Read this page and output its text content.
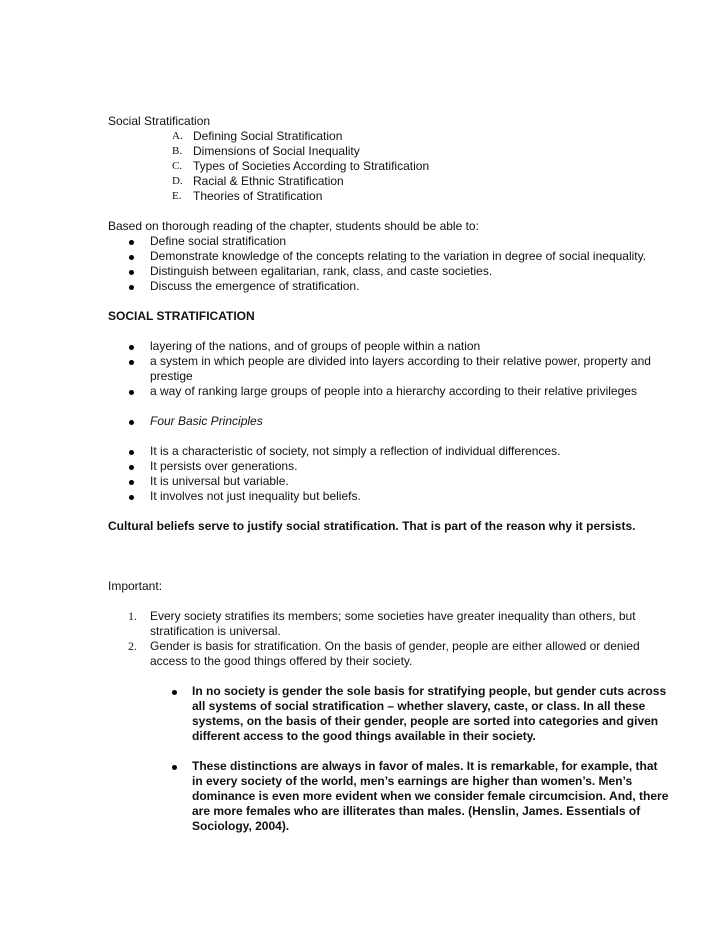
Social Stratification
A. Defining Social Stratification
B. Dimensions of Social Inequality
C. Types of Societies According to Stratification
D. Racial & Ethnic Stratification
E. Theories of Stratification
Based on thorough reading of the chapter, students should be able to:
Define social stratification
Demonstrate knowledge of the concepts relating to the variation in degree of social inequality.
Distinguish between egalitarian, rank, class, and caste societies.
Discuss the emergence of stratification.
SOCIAL STRATIFICATION
layering of the nations, and of groups of people within a nation
a system in which people are divided into layers according to their relative power, property and
prestige
a way of ranking large groups of people into a hierarchy according to their relative privileges
Four Basic Principles
It is a characteristic of society, not simply a reflection of individual differences.
It persists over generations.
It is universal but variable.
It involves not just inequality but beliefs.
Cultural beliefs serve to justify social stratification. That is part of the reason why it persists.
Important:
1. Every society stratifies its members; some societies have greater inequality than others, but
stratification is universal.
2. Gender is basis for stratification. On the basis of gender, people are either allowed or denied
access to the good things offered by their society.
In no society is gender the sole basis for stratifying people, but gender cuts across
all systems of social stratification – whether slavery, caste, or class. In all these
systems, on the basis of their gender, people are sorted into categories and given
different access to the good things available in their society.
These distinctions are always in favor of males. It is remarkable, for example, that
in every society of the world, men’s earnings are higher than women’s. Men’s
dominance is even more evident when we consider female circumcision. And, there
are more females who are illiterates than males. (Henslin, James. Essentials of
Sociology, 2004).
